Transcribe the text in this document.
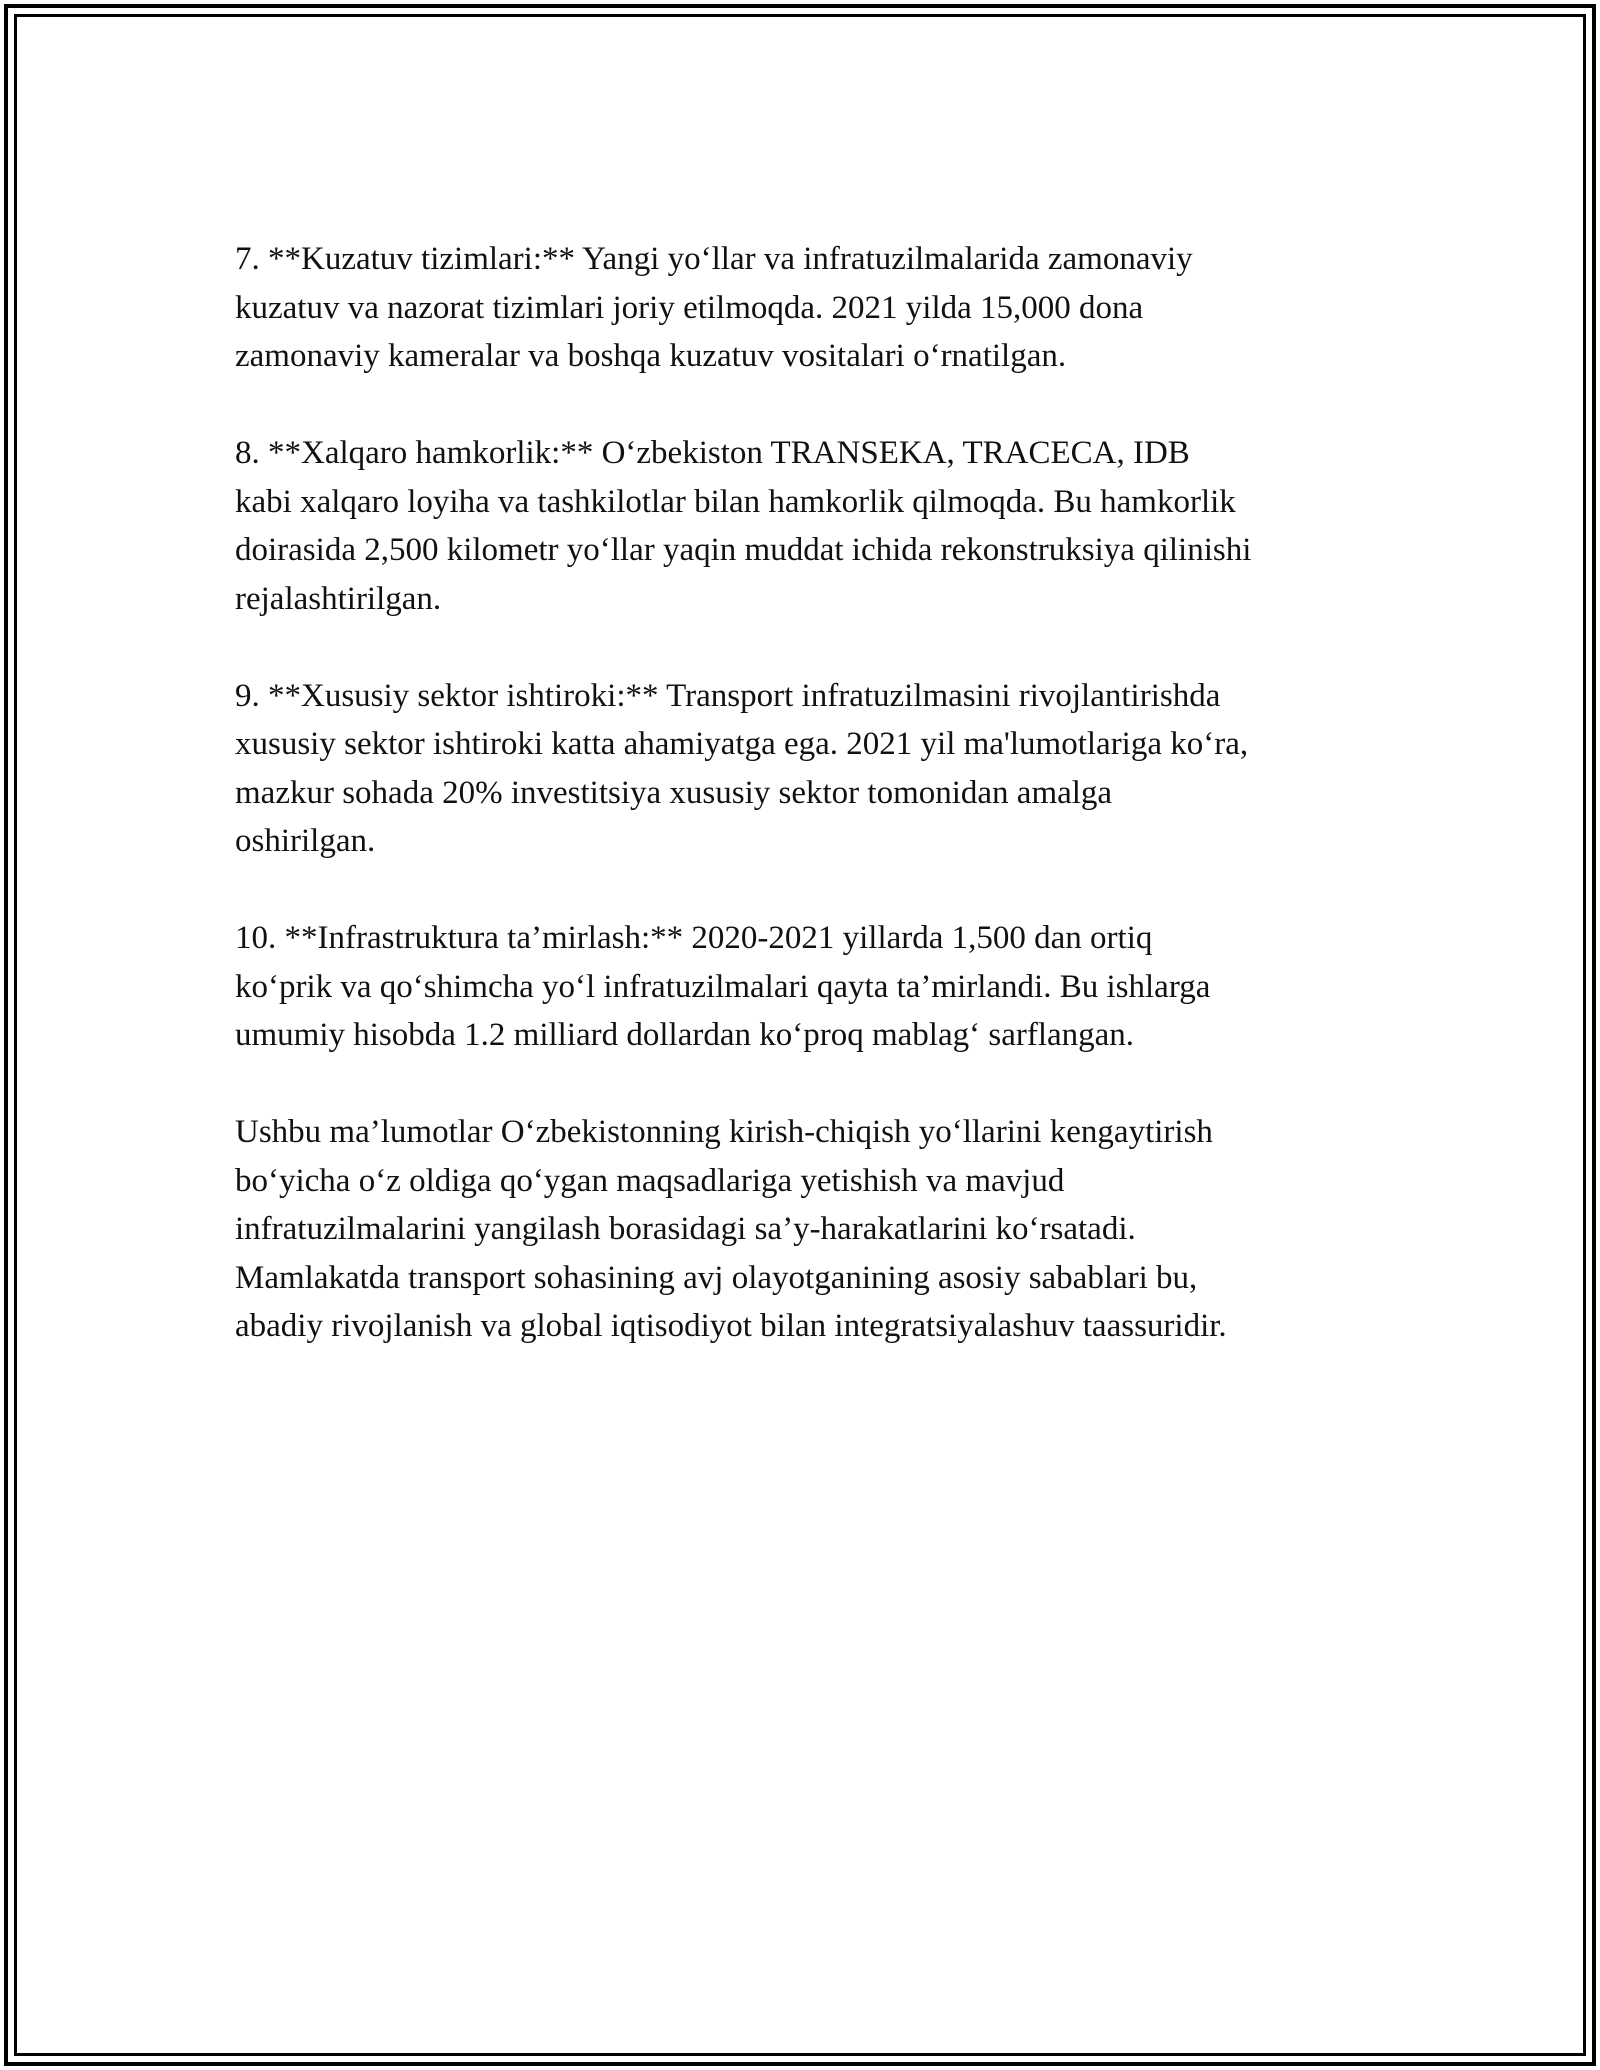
7. **Kuzatuv tizimlari:** Yangi yo‘llar va infratuzilmalarida zamonaviy
kuzatuv va nazorat tizimlari joriy etilmoqda. 2021 yilda 15,000 dona
zamonaviy kameralar va boshqa kuzatuv vositalari o‘rnatilgan.

8. **Xalqaro hamkorlik:** O‘zbekiston TRANSEKA, TRACECA, IDB
kabi xalqaro loyiha va tashkilotlar bilan hamkorlik qilmoqda. Bu hamkorlik
doirasida 2,500 kilometr yo‘llar yaqin muddat ichida rekonstruksiya qilinishi
rejalashtirilgan.

9. **Xususiy sektor ishtiroki:** Transport infratuzilmasini rivojlantirishda
xususiy sektor ishtiroki katta ahamiyatga ega. 2021 yil ma'lumotlariga ko‘ra,
mazkur sohada 20% investitsiya xususiy sektor tomonidan amalga
oshirilgan.

10. **Infrastruktura ta’mirlash:** 2020-2021 yillarda 1,500 dan ortiq
ko‘prik va qo‘shimcha yo‘l infratuzilmalari qayta ta’mirlandi. Bu ishlarga
umumiy hisobda 1.2 milliard dollardan ko‘proq mablag‘ sarflangan.

Ushbu ma’lumotlar O‘zbekistonning kirish-chiqish yo‘llarini kengaytirish
bo‘yicha o‘z oldiga qo‘ygan maqsadlariga yetishish va mavjud
infratuzilmalarini yangilash borasidagi sa’y-harakatlarini ko‘rsatadi.
Mamlakatda transport sohasining avj olayotganining asosiy sabablari bu,
abadiy rivojlanish va global iqtisodiyot bilan integratsiyalashuv taassuridir.
